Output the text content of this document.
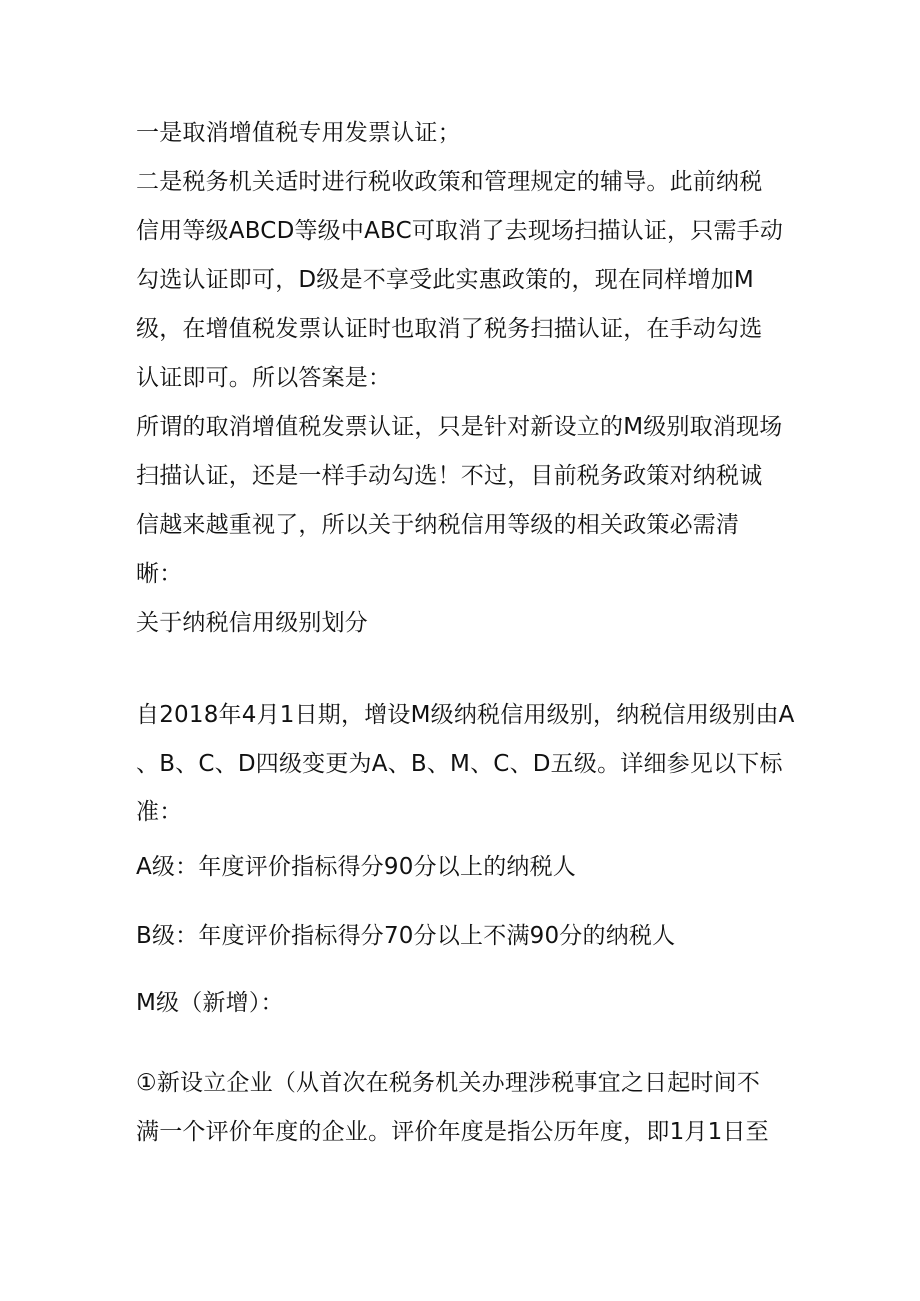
一是取消增值税专用发票认证；
二是税务机关适时进行税收政策和管理规定的辅导。此前纳税
信用等级ABCD等级中ABC可取消了去现场扫描认证，只需手动
勾选认证即可，D级是不享受此实惠政策的，现在同样增加M
级，在增值税发票认证时也取消了税务扫描认证，在手动勾选
认证即可。所以答案是：
所谓的取消增值税发票认证，只是针对新设立的M级别取消现场
扫描认证，还是一样手动勾选！不过，目前税务政策对纳税诚
信越来越重视了，所以关于纳税信用等级的相关政策必需清
晰：
关于纳税信用级别划分
自2018年4月1日期，增设M级纳税信用级别，纳税信用级别由A
、B、C、D四级变更为A、B、M、C、D五级。详细参见以下标
准：
A级：年度评价指标得分90分以上的纳税人
B级：年度评价指标得分70分以上不满90分的纳税人
M级（新增）：
①新设立企业（从首次在税务机关办理涉税事宜之日起时间不
满一个评价年度的企业。评价年度是指公历年度，即1月1日至
